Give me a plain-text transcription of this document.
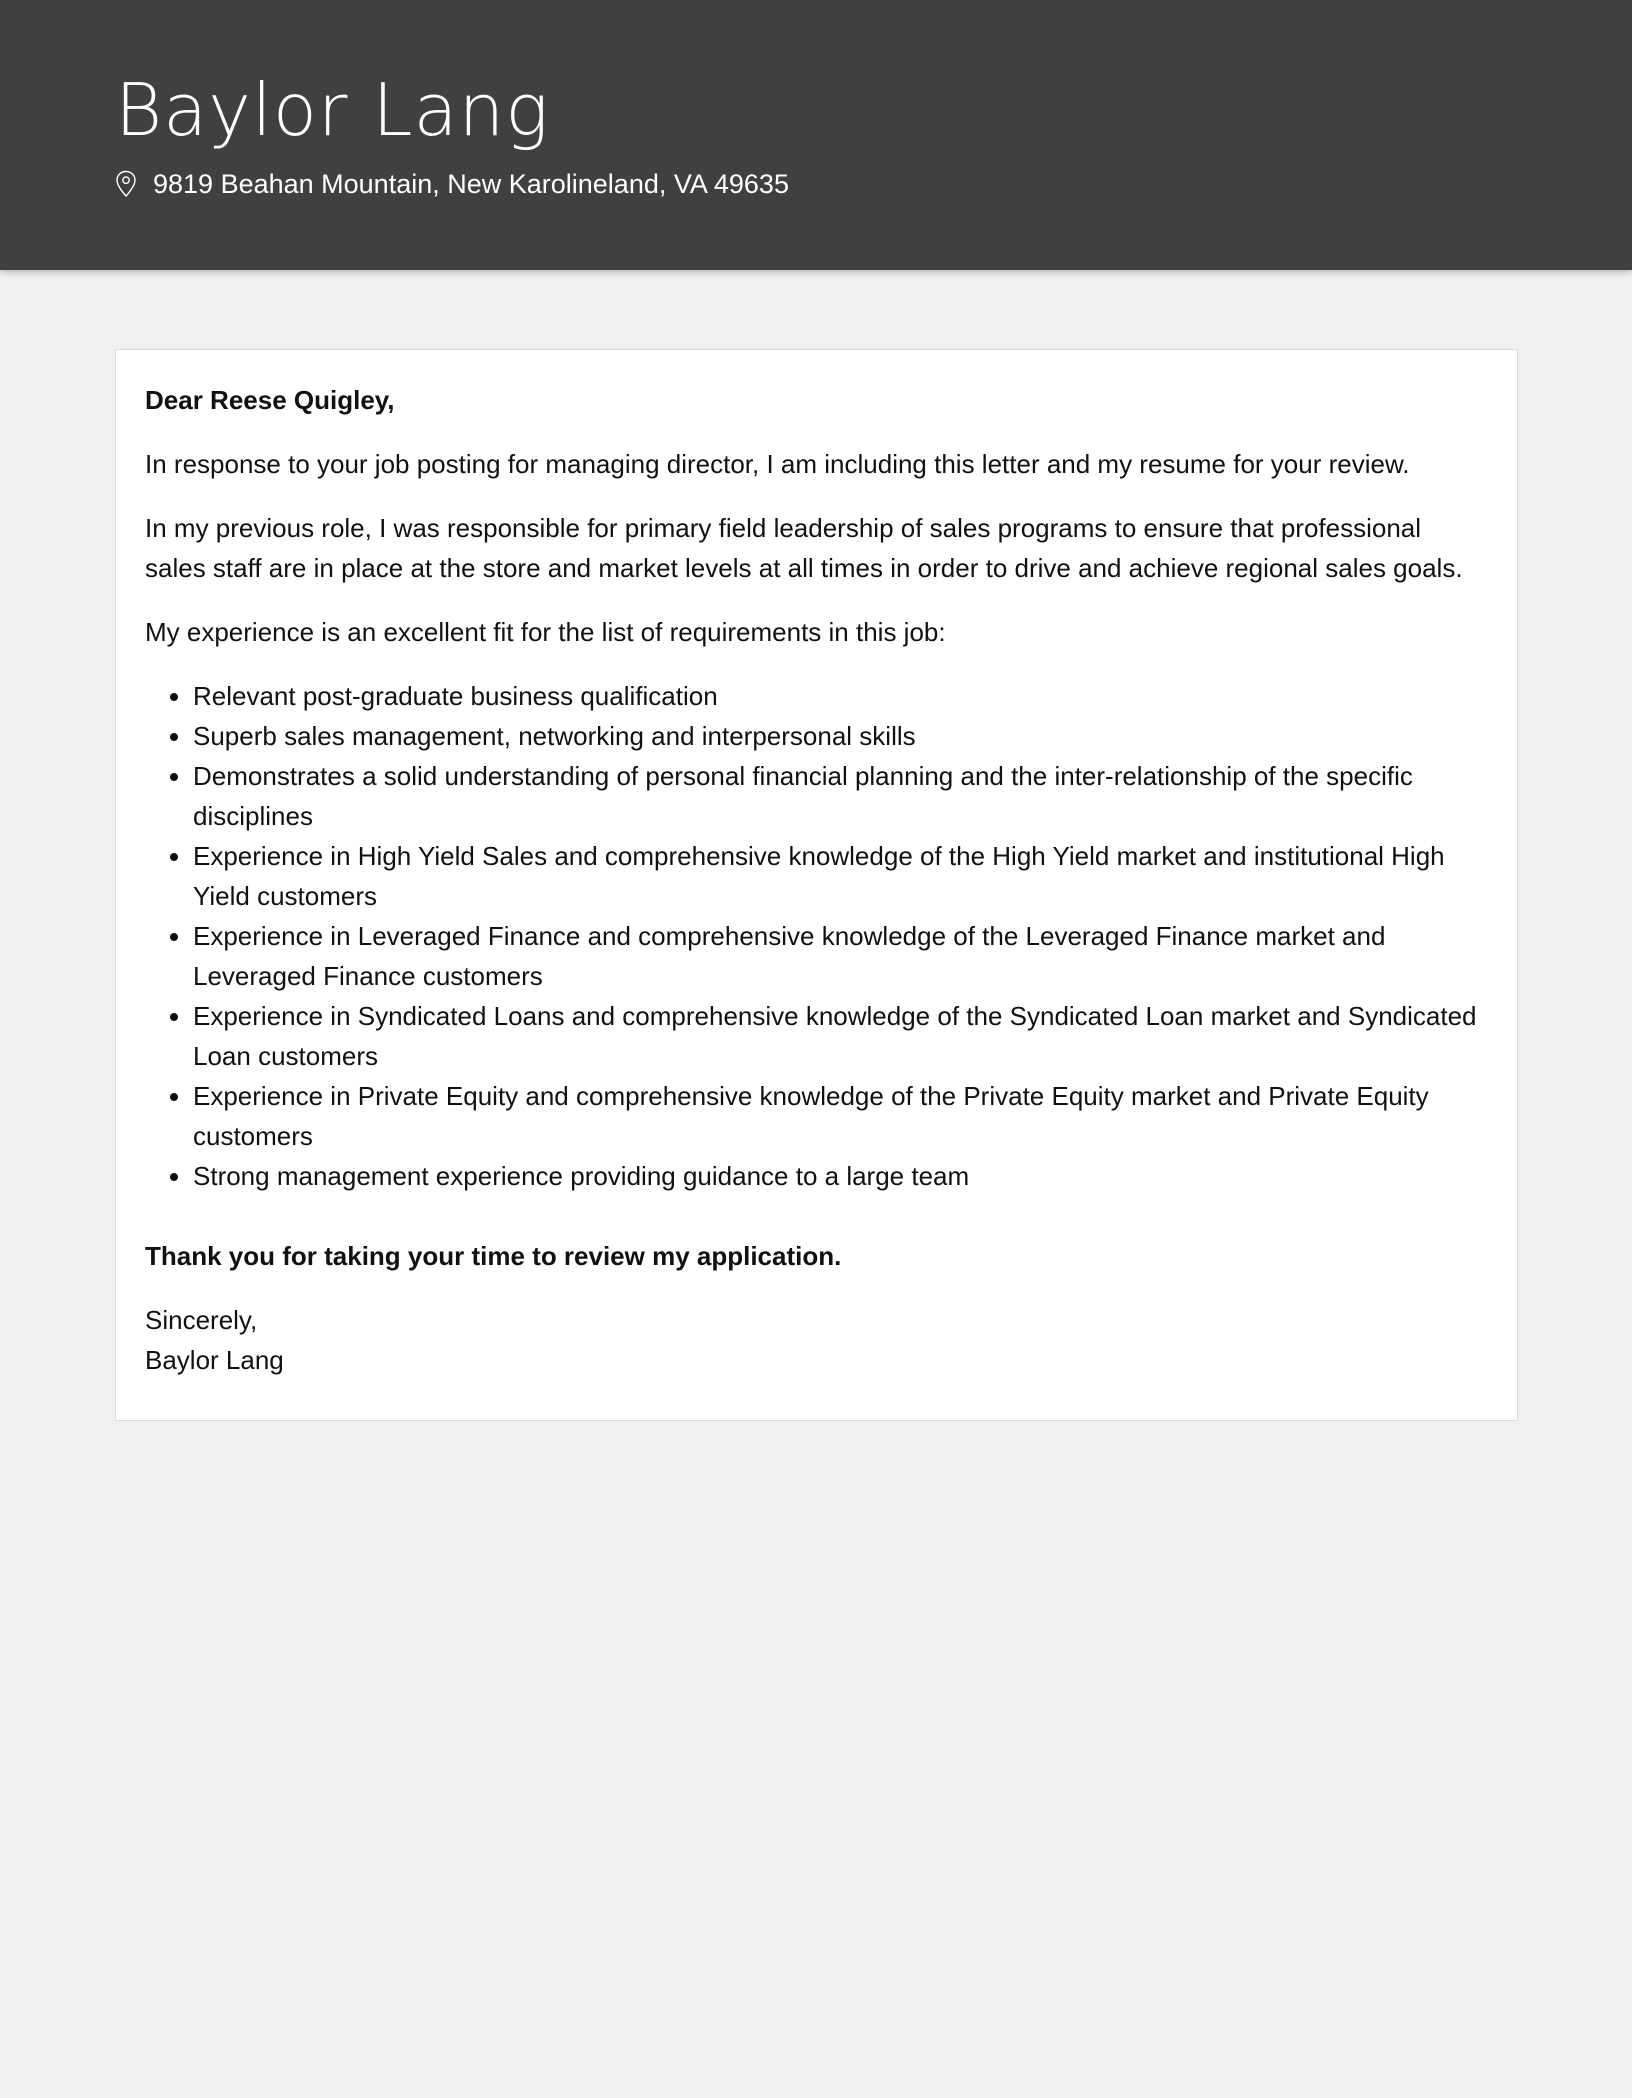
Baylor Lang
9819 Beahan Mountain, New Karolineland, VA 49635

Dear Reese Quigley,

In response to your job posting for managing director, I am including this letter and my resume for your review.

In my previous role, I was responsible for primary field leadership of sales programs to ensure that professional sales staff are in place at the store and market levels at all times in order to drive and achieve regional sales goals.

My experience is an excellent fit for the list of requirements in this job:

• Relevant post-graduate business qualification
• Superb sales management, networking and interpersonal skills
• Demonstrates a solid understanding of personal financial planning and the inter-relationship of the specific disciplines
• Experience in High Yield Sales and comprehensive knowledge of the High Yield market and institutional High Yield customers
• Experience in Leveraged Finance and comprehensive knowledge of the Leveraged Finance market and Leveraged Finance customers
• Experience in Syndicated Loans and comprehensive knowledge of the Syndicated Loan market and Syndicated Loan customers
• Experience in Private Equity and comprehensive knowledge of the Private Equity market and Private Equity customers
• Strong management experience providing guidance to a large team

Thank you for taking your time to review my application.

Sincerely,
Baylor Lang
